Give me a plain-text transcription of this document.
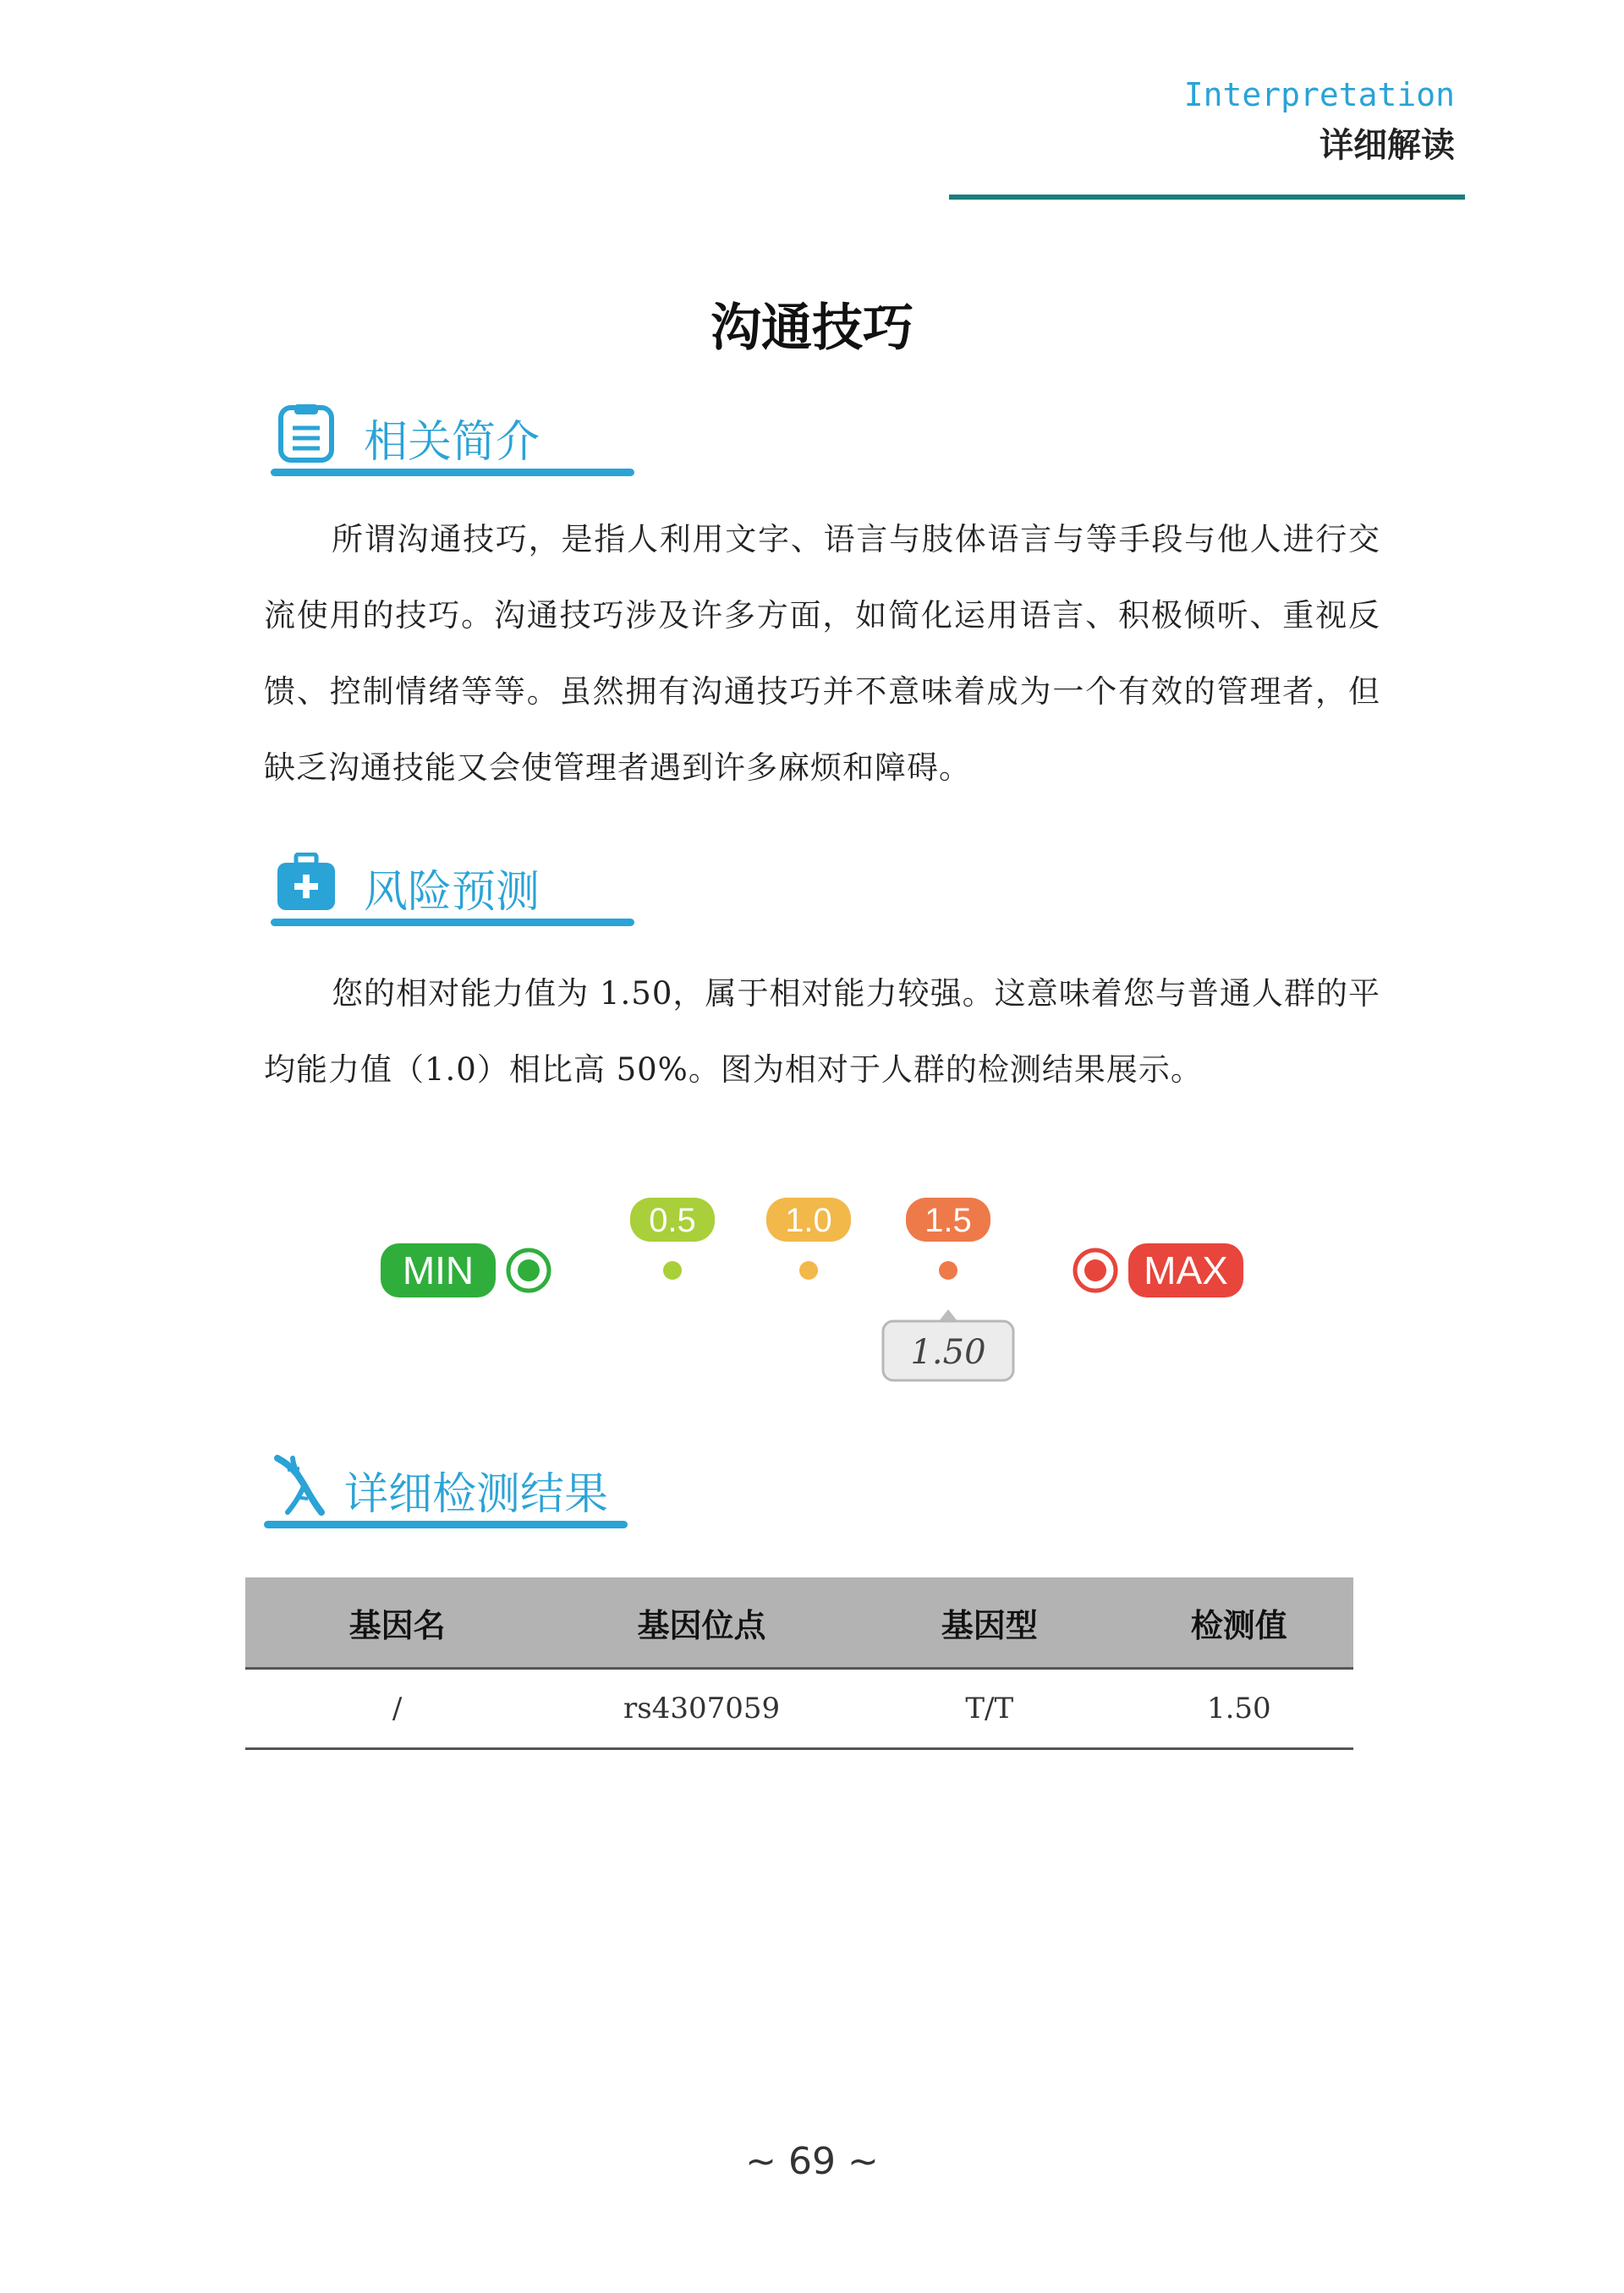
Interpretation
详细解读
沟通技巧
相关简介
所谓沟通技巧，是指人利用文字、语言与肢体语言与等手段与他人进行交流使用的技巧。沟通技巧涉及许多方面，如简化运用语言、积极倾听、重视反馈、控制情绪等等。虽然拥有沟通技巧并不意味着成为一个有效的管理者，但缺乏沟通技能又会使管理者遇到许多麻烦和障碍。
风险预测
您的相对能力值为 1.50，属于相对能力较强。这意味着您与普通人群的平均能力值（1.0）相比高 50%。图为相对于人群的检测结果展示。
MIN
0.5	1.0	1.5
MAX
1.50
详细检测结果
基因名	基因位点	基因型	检测值
/	rs4307059	T/T	1.50
~ 69 ~
